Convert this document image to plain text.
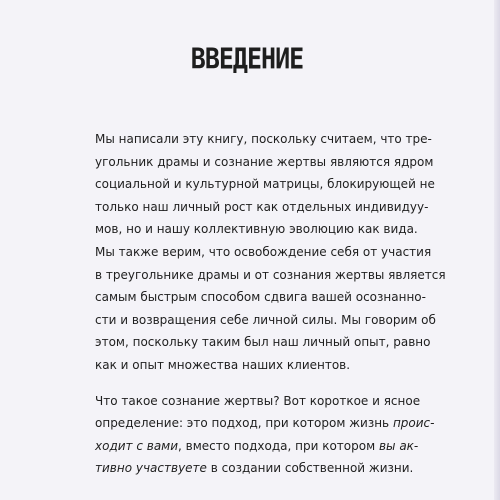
ВВЕДЕНИЕ
Мы написали эту книгу, поскольку считаем, что тре-
угольник драмы и сознание жертвы являются ядром
социальной и культурной матрицы, блокирующей не
только наш личный рост как отдельных индивидуу-
мов, но и нашу коллективную эволюцию как вида.
Мы также верим, что освобождение себя от участия
в треугольнике драмы и от сознания жертвы является
самым быстрым способом сдвига вашей осознанно-
сти и возвращения себе личной силы. Мы говорим об
этом, поскольку таким был наш личный опыт, равно
как и опыт множества наших клиентов.
Что такое сознание жертвы? Вот короткое и ясное
определение: это подход, при котором жизнь проис-
ходит с вами, вместо подхода, при котором вы ак-
тивно участвуете в создании собственной жизни.
